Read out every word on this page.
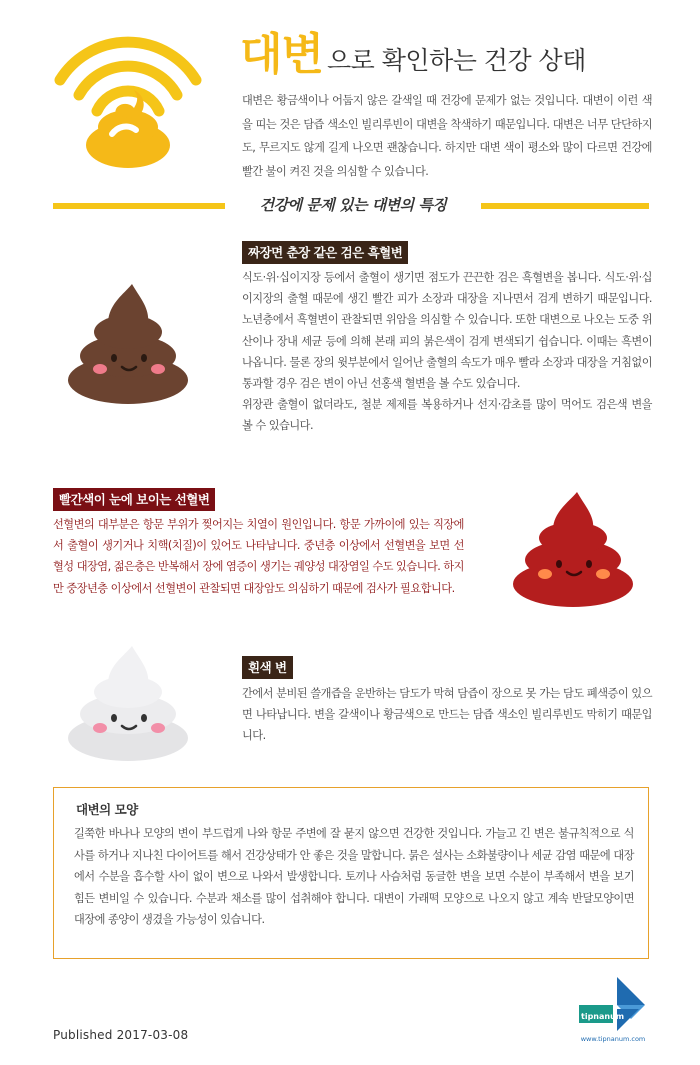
대변 으로 확인하는 건강 상태

대변은 황금색이나 어둡지 않은 갈색일 때 건강에 문제가 없는 것입니다. 대변이 이런 색을 띠는 것은 담즙 색소인 빌리루빈이 대변을 착색하기 때문입니다. 대변은 너무 단단하지도, 무르지도 않게 길게 나오면 괜찮습니다. 하지만 대변 색이 평소와 많이 다르면 건강에 빨간 불이 켜진 것을 의심할 수 있습니다.

건강에 문제 있는 대변의 특징
짜장면 춘장 같은 검은 흑혈변

식도·위·십이지장 등에서 출혈이 생기면 점도가 끈끈한 검은 흑혈변을 봅니다. 식도·위·십이지장의 출혈 때문에 생긴 빨간 피가 소장과 대장을 지나면서 검게 변하기 때문입니다. 노년층에서 흑혈변이 관찰되면 위암을 의심할 수 있습니다. 또한 대변으로 나오는 도중 위산이나 장내 세균 등에 의해 본래 피의 붉은색이 검게 변색되기 쉽습니다. 이때는 흑변이 나옵니다. 물론 장의 윗부분에서 일어난 출혈의 속도가 매우 빨라 소장과 대장을 거침없이 통과할 경우 검은 변이 아닌 선홍색 혈변을 볼 수도 있습니다.

위장관 출혈이 없더라도, 철분 제제를 복용하거나 선지·감초를 많이 먹어도 검은색 변을 볼 수 있습니다.

빨간색이 눈에 보이는 선혈변

선혈변의 대부분은 항문 부위가 찢어지는 치열이 원인입니다. 항문 가까이에 있는 직장에서 출혈이 생기거나 치핵(치질)이 있어도 나타납니다. 중년층 이상에서 선혈변을 보면 선혈성 대장염, 젊은층은 반복해서 장에 염증이 생기는 궤양성 대장염일 수도 있습니다. 하지만 중장년층 이상에서 선혈변이 관찰되면 대장암도 의심하기 때문에 검사가 필요합니다.

흰색 변

간에서 분비된 쓸개즙을 운반하는 담도가 막혀 담즙이 장으로 못 가는 담도 폐색증이 있으면 나타납니다. 변을 갈색이나 황금색으로 만드는 담즙 색소인 빌리루빈도 막히기 때문입니다.

대변의 모양

길쭉한 바나나 모양의 변이 부드럽게 나와 항문 주변에 잘 묻지 않으면 건강한 것입니다. 가늘고 긴 변은 불규칙적으로 식사를 하거나 지나친 다이어트를 해서 건강상태가 안 좋은 것을 말합니다. 묽은 설사는 소화불량이나 세균 감염 때문에 대장에서 수분을 흡수할 사이 없이 변으로 나와서 발생합니다. 토끼나 사슴처럼 동글한 변을 보면 수분이 부족해서 변을 보기 힘든 변비일 수 있습니다. 수분과 채소를 많이 섭취해야 합니다. 대변이 가래떡 모양으로 나오지 않고 계속 반달모양이면 대장에 종양이 생겼을 가능성이 있습니다.

Published 2017-03-08
tipnanum
www.tipnanum.com
